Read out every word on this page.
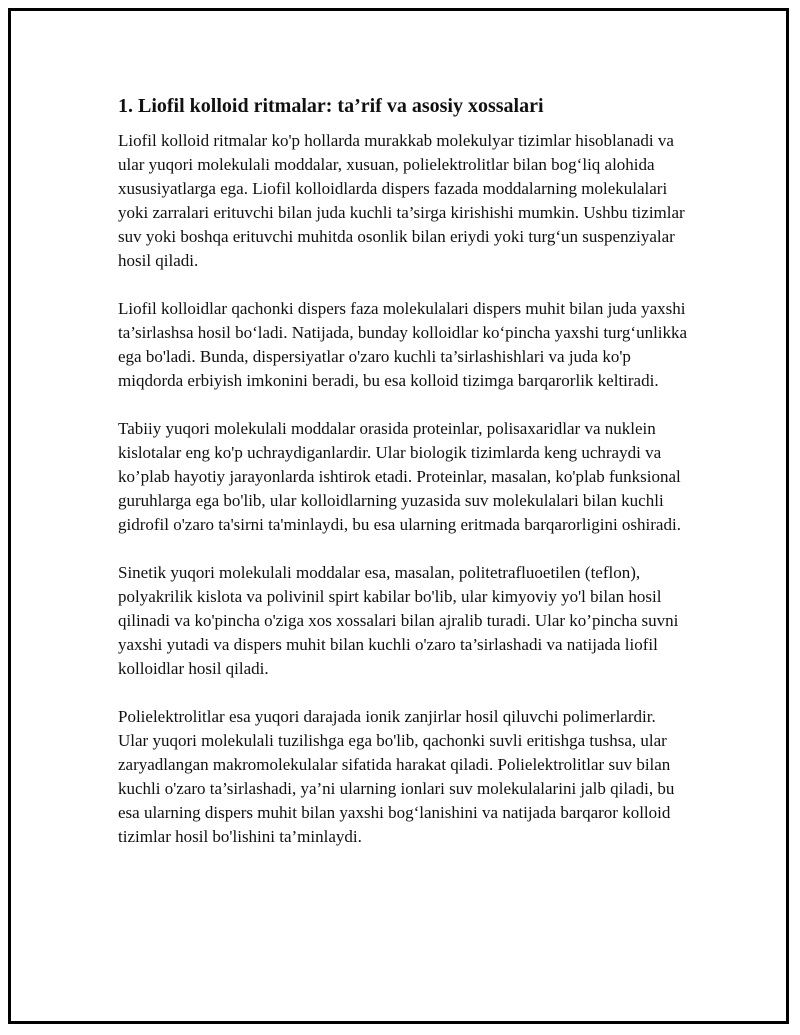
1. Liofil kolloid ritmalar: ta’rif va asosiy xossalari

Liofil kolloid ritmalar ko'p hollarda murakkab molekulyar tizimlar hisoblanadi va ular yuqori molekulali moddalar, xusuan, polielektrolitlar bilan bog‘liq alohida xususiyatlarga ega. Liofil kolloidlarda dispers fazada moddalarning molekulalari yoki zarralari erituvchi bilan juda kuchli ta’sirga kirishishi mumkin. Ushbu tizimlar suv yoki boshqa erituvchi muhitda osonlik bilan eriydi yoki turg‘un suspenziyalar hosil qiladi.

Liofil kolloidlar qachonki dispers faza molekulalari dispers muhit bilan juda yaxshi ta’sirlashsa hosil bo‘ladi. Natijada, bunday kolloidlar ko‘pincha yaxshi turg‘unlikka ega bo'ladi. Bunda, dispersiyatlar o'zaro kuchli ta’sirlashishlari va juda ko'p miqdorda erbiyish imkonini beradi, bu esa kolloid tizimga barqarorlik keltiradi.

Tabiiy yuqori molekulali moddalar orasida proteinlar, polisaxaridlar va nuklein kislotalar eng ko'p uchraydiganlardir. Ular biologik tizimlarda keng uchraydi va ko’plab hayotiy jarayonlarda ishtirok etadi. Proteinlar, masalan, ko'plab funksional guruhlarga ega bo'lib, ular kolloidlarning yuzasida suv molekulalari bilan kuchli gidrofil o'zaro ta'sirni ta'minlaydi, bu esa ularning eritmada barqarorligini oshiradi.

Sinetik yuqori molekulali moddalar esa, masalan, politetrafluoetilen (teflon), polyakrilik kislota va polivinil spirt kabilar bo'lib, ular kimyoviy yo'l bilan hosil qilinadi va ko'pincha o'ziga xos xossalari bilan ajralib turadi. Ular ko’pincha suvni yaxshi yutadi va dispers muhit bilan kuchli o'zaro ta’sirlashadi va natijada liofil kolloidlar hosil qiladi.

Polielektrolitlar esa yuqori darajada ionik zanjirlar hosil qiluvchi polimerlardir. Ular yuqori molekulali tuzilishga ega bo'lib, qachonki suvli eritishga tushsa, ular zaryadlangan makromolekulalar sifatida harakat qiladi. Polielektrolitlar suv bilan kuchli o'zaro ta’sirlashadi, ya’ni ularning ionlari suv molekulalarini jalb qiladi, bu esa ularning dispers muhit bilan yaxshi bog‘lanishini va natijada barqaror kolloid tizimlar hosil bo'lishini ta’minlaydi.
